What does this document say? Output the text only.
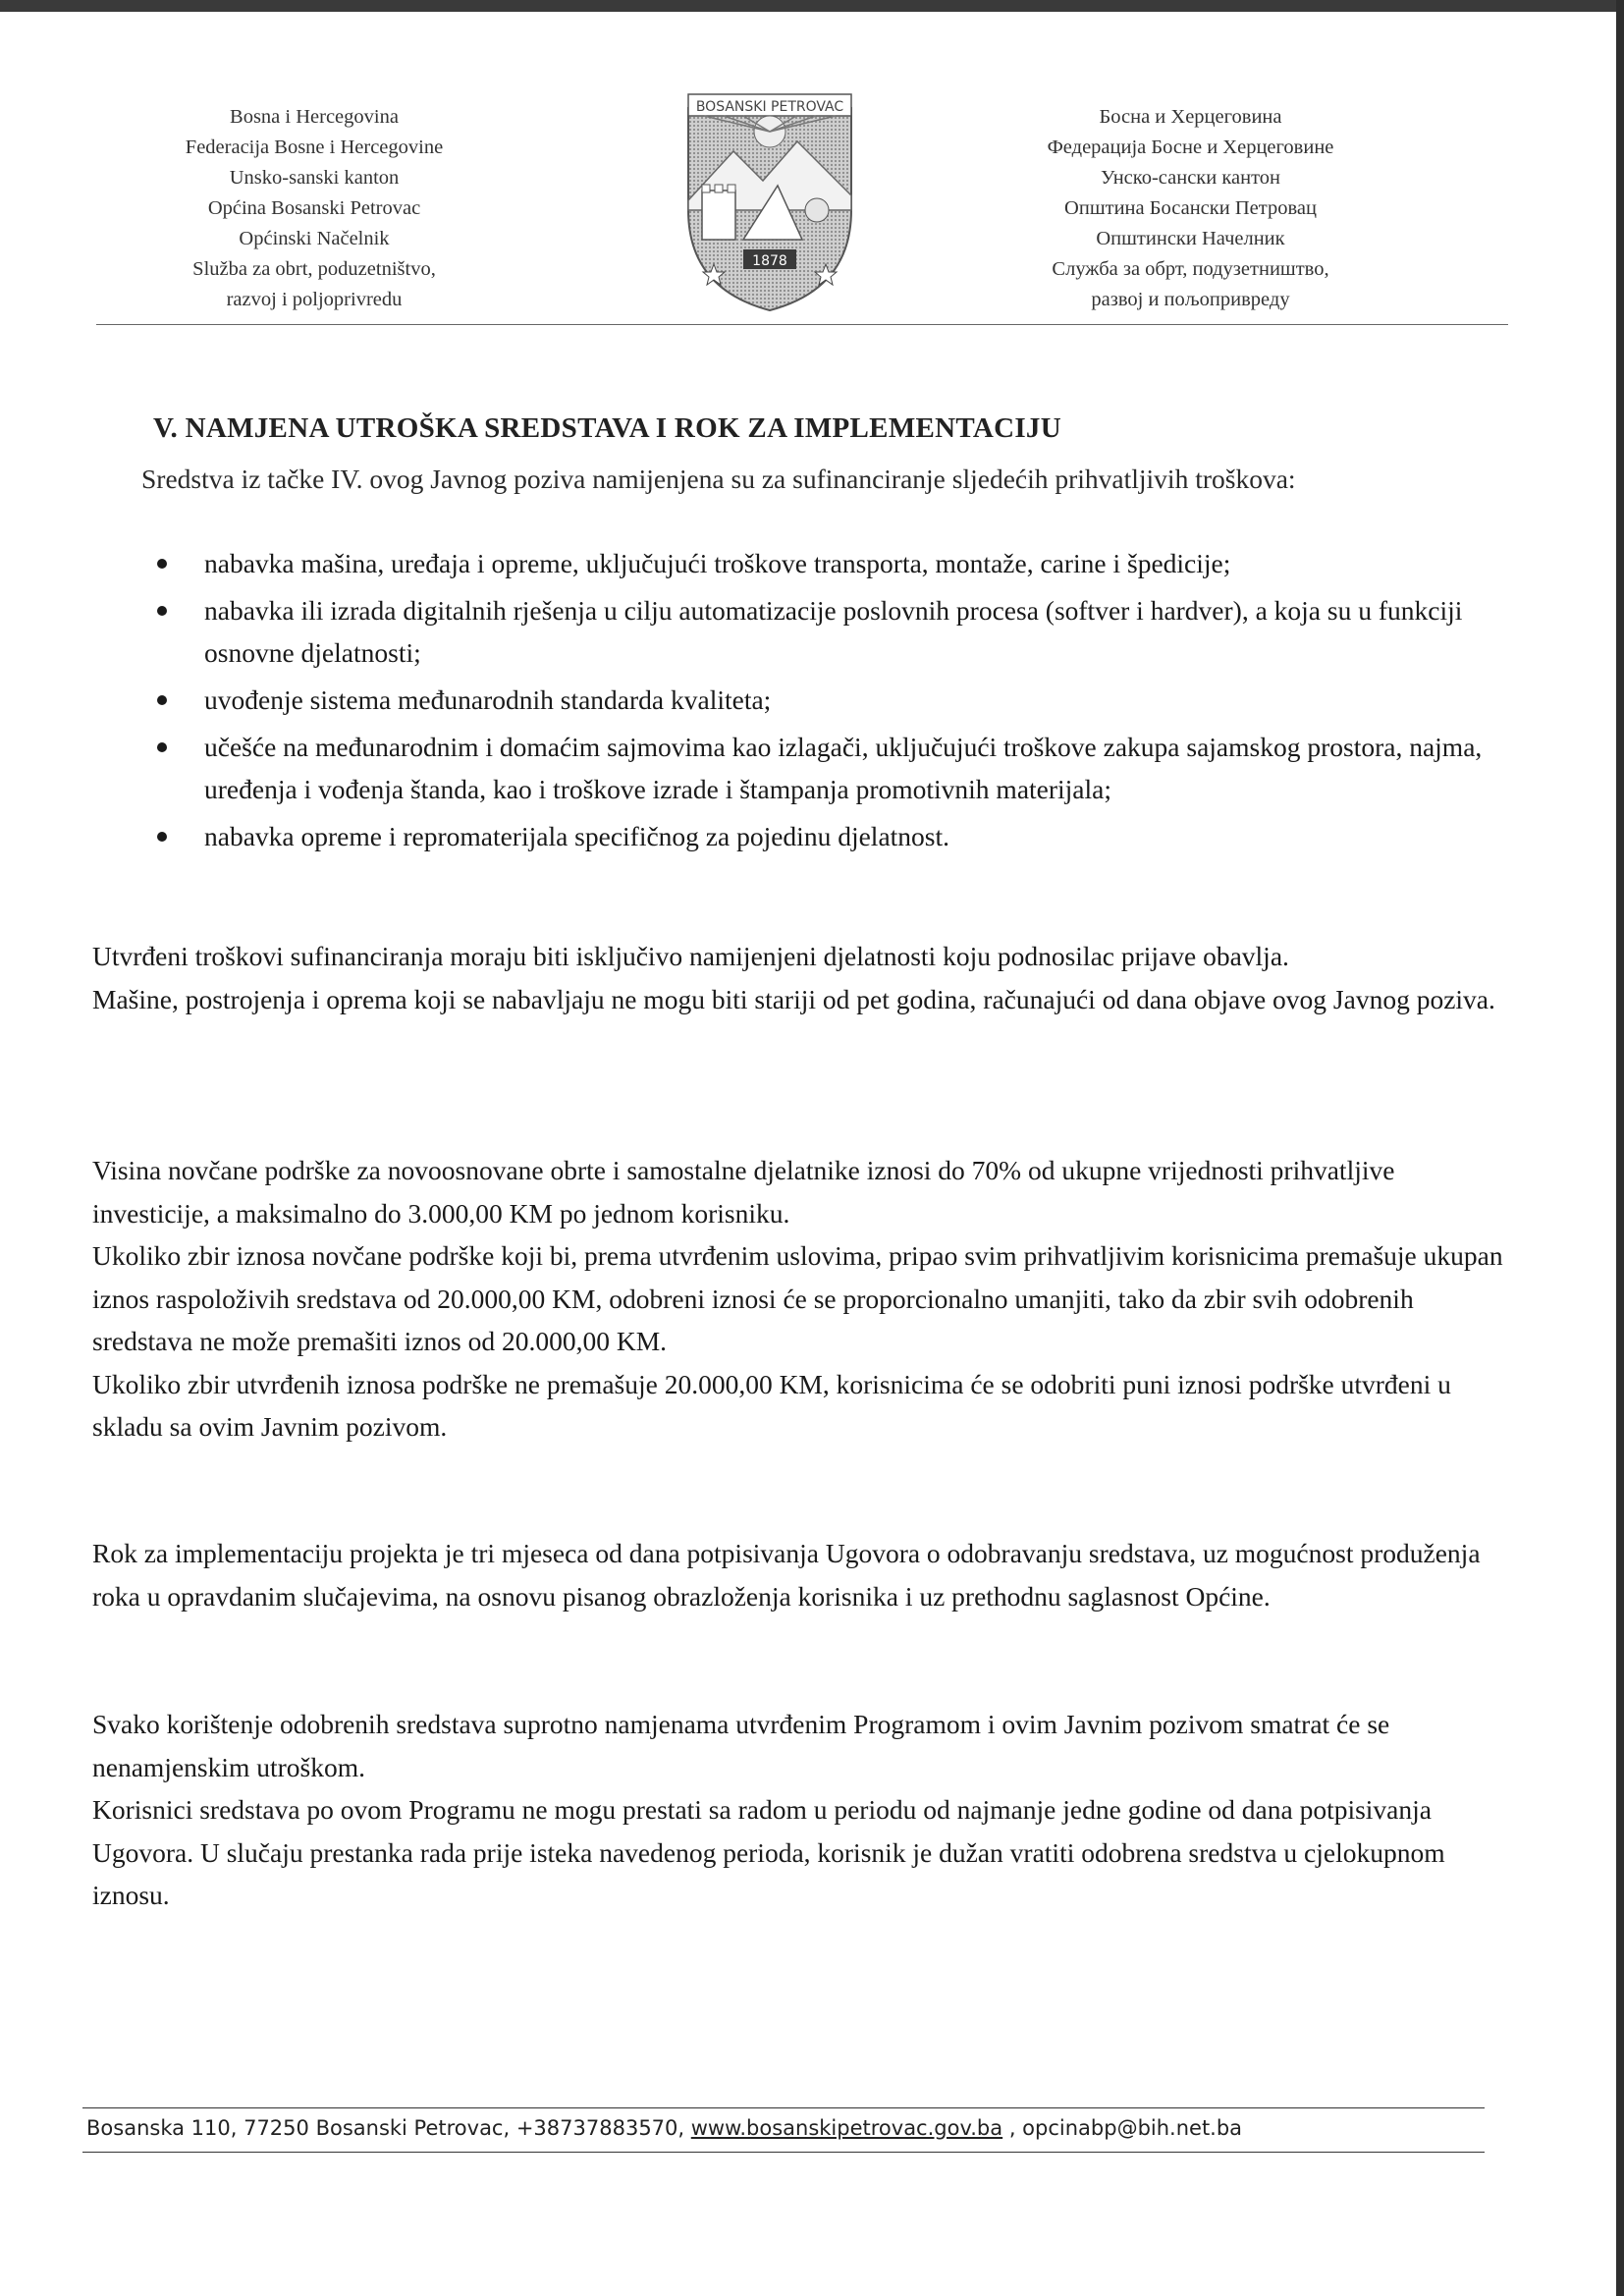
Bosna i Hercegovina
Federacija Bosne i Hercegovine
Unsko-sanski kanton
Općina Bosanski Petrovac
Općinski Načelnik
Služba za obrt, poduzetništvo,
razvoj i poljoprivredu
BOSANSKI PETROVAC
1878
Босна и Херцеговина
Федерација Босне и Херцеговине
Унско-сански кантон
Општина Босански Петровац
Општински Начелник
Служба за обрт, подузетништво,
развој и пољопривреду
V. NAMJENA UTROŠKA SREDSTAVA I ROK ZA IMPLEMENTACIJU
Sredstva iz tačke IV. ovog Javnog poziva namijenjena su za sufinanciranje sljedećih prihvatljivih troškova:
nabavka mašina, uređaja i opreme, uključujući troškove transporta, montaže, carine i špedicije;
nabavka ili izrada digitalnih rješenja u cilju automatizacije poslovnih procesa (softver i hardver), a koja su u funkciji osnovne djelatnosti;
uvođenje sistema međunarodnih standarda kvaliteta;
učešće na međunarodnim i domaćim sajmovima kao izlagači, uključujući troškove zakupa sajamskog prostora, najma, uređenja i vođenja štanda, kao i troškove izrade i štampanja promotivnih materijala;
nabavka opreme i repromaterijala specifičnog za pojedinu djelatnost.

Utvrđeni troškovi sufinanciranja moraju biti isključivo namijenjeni djelatnosti koju podnosilac prijave obavlja.

Mašine, postrojenja i oprema koji se nabavljaju ne mogu biti stariji od pet godina, računajući od dana objave ovog Javnog poziva.

Visina novčane podrške za novoosnovane obrte i samostalne djelatnike iznosi do 70% od ukupne vrijednosti prihvatljive investicije, a maksimalno do 3.000,00 KM po jednom korisniku.

Ukoliko zbir iznosa novčane podrške koji bi, prema utvrđenim uslovima, pripao svim prihvatljivim korisnicima premašuje ukupan iznos raspoloživih sredstava od 20.000,00 KM, odobreni iznosi će se proporcionalno umanjiti, tako da zbir svih odobrenih sredstava ne može premašiti iznos od 20.000,00 KM.

Ukoliko zbir utvrđenih iznosa podrške ne premašuje 20.000,00 KM, korisnicima će se odobriti puni iznosi podrške utvrđeni u skladu sa ovim Javnim pozivom.

Rok za implementaciju projekta je tri mjeseca od dana potpisivanja Ugovora o odobravanju sredstava, uz mogućnost produženja roka u opravdanim slučajevima, na osnovu pisanog obrazloženja korisnika i uz prethodnu saglasnost Općine.

Svako korištenje odobrenih sredstava suprotno namjenama utvrđenim Programom i ovim Javnim pozivom smatrat će se nenamjenskim utroškom.

Korisnici sredstava po ovom Programu ne mogu prestati sa radom u periodu od najmanje jedne godine od dana potpisivanja Ugovora. U slučaju prestanka rada prije isteka navedenog perioda, korisnik je dužan vratiti odobrena sredstva u cjelokupnom iznosu.

Bosanska 110, 77250 Bosanski Petrovac, +38737883570, www.bosanskipetrovac.gov.ba , opcinabp@bih.net.ba
